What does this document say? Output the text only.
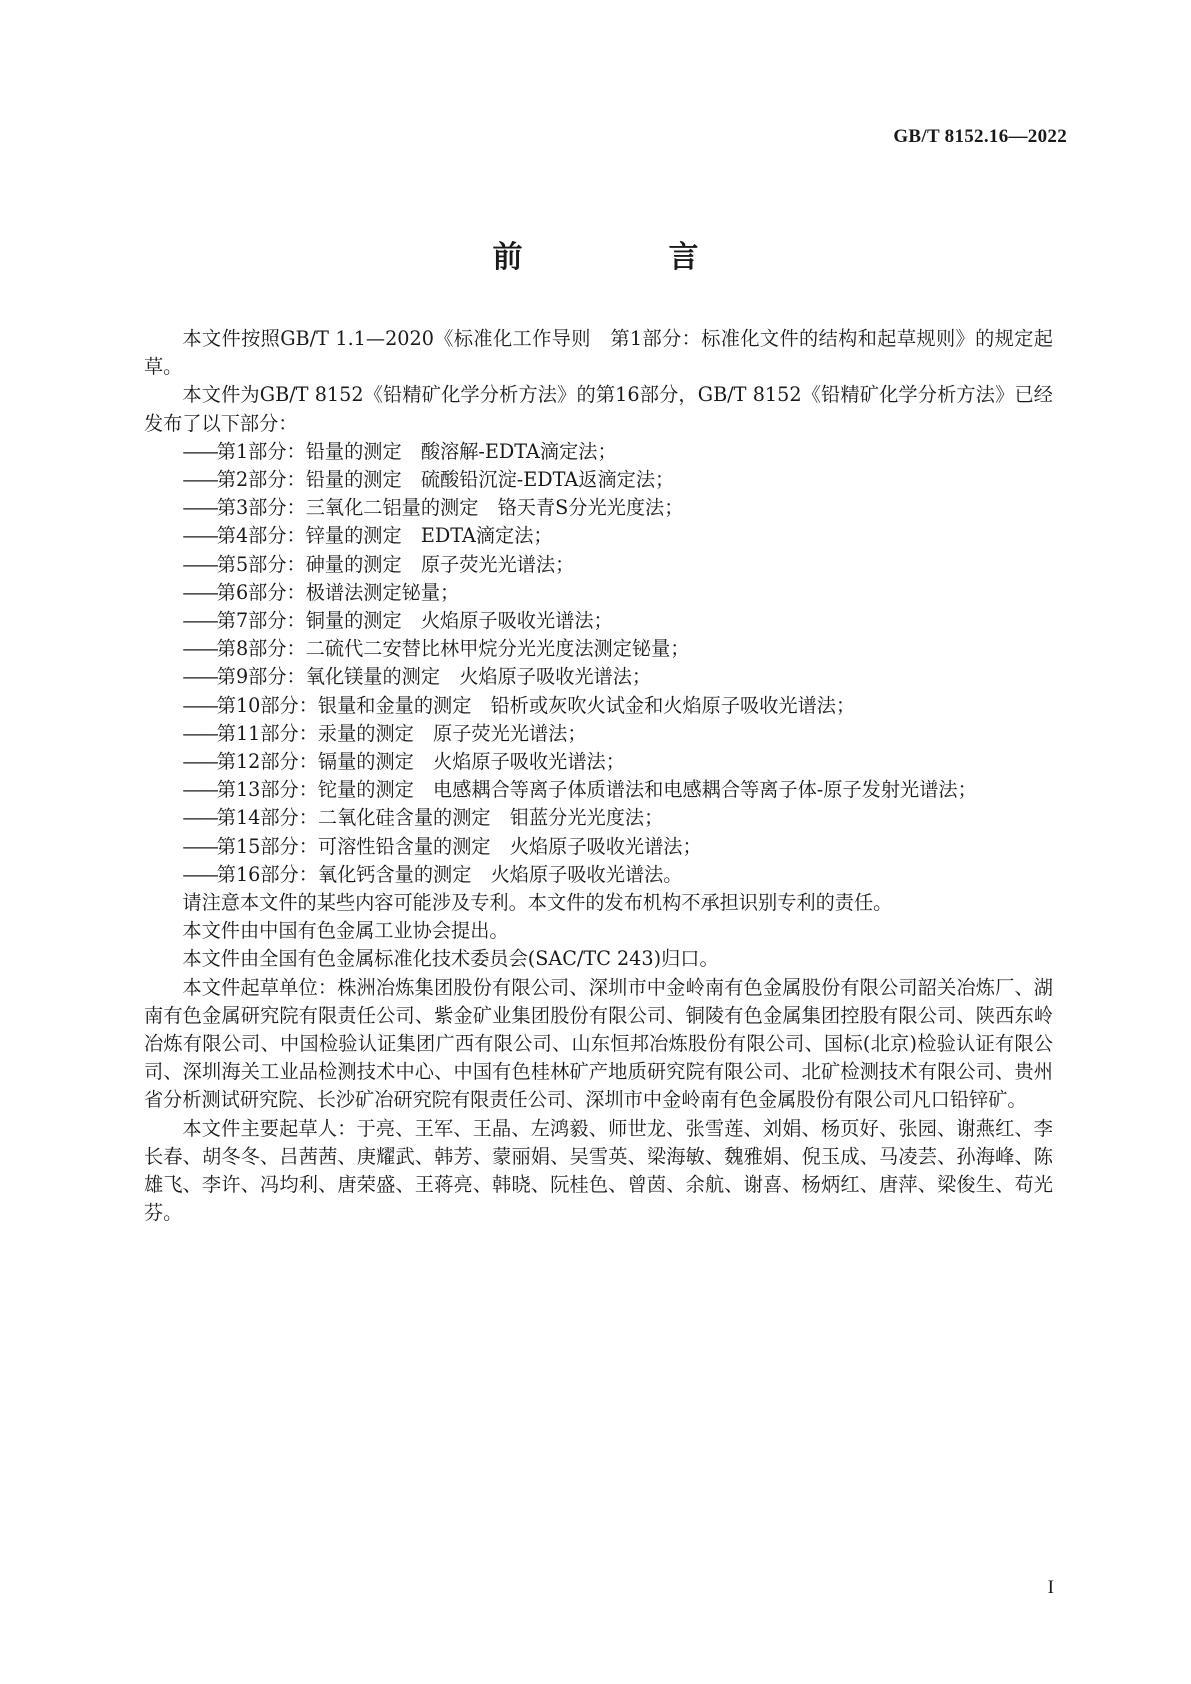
GB/T 8152.16—2022
前　言

本文件按照GB/T 1.1—2020《标准化工作导则　第1部分：标准化文件的结构和起草规则》的规定起草。

本文件为GB/T 8152《铅精矿化学分析方法》的第16部分，GB/T 8152《铅精矿化学分析方法》已经发布了以下部分：

——第1部分：铅量的测定　酸溶解-EDTA滴定法；
——第2部分：铅量的测定　硫酸铅沉淀-EDTA返滴定法；
——第3部分：三氧化二铝量的测定　铬天青S分光光度法；
——第4部分：锌量的测定　EDTA滴定法；
——第5部分：砷量的测定　原子荧光光谱法；
——第6部分：极谱法测定铋量；
——第7部分：铜量的测定　火焰原子吸收光谱法；
——第8部分：二硫代二安替比林甲烷分光光度法测定铋量；
——第9部分：氧化镁量的测定　火焰原子吸收光谱法；
——第10部分：银量和金量的测定　铅析或灰吹火试金和火焰原子吸收光谱法；
——第11部分：汞量的测定　原子荧光光谱法；
——第12部分：镉量的测定　火焰原子吸收光谱法；
——第13部分：铊量的测定　电感耦合等离子体质谱法和电感耦合等离子体-原子发射光谱法；
——第14部分：二氧化硅含量的测定　钼蓝分光光度法；
——第15部分：可溶性铅含量的测定　火焰原子吸收光谱法；
——第16部分：氧化钙含量的测定　火焰原子吸收光谱法。

请注意本文件的某些内容可能涉及专利。本文件的发布机构不承担识别专利的责任。

本文件由中国有色金属工业协会提出。

本文件由全国有色金属标准化技术委员会(SAC/TC 243)归口。

本文件起草单位：株洲冶炼集团股份有限公司、深圳市中金岭南有色金属股份有限公司韶关冶炼厂、湖南有色金属研究院有限责任公司、紫金矿业集团股份有限公司、铜陵有色金属集团控股有限公司、陕西东岭冶炼有限公司、中国检验认证集团广西有限公司、山东恒邦冶炼股份有限公司、国标(北京)检验认证有限公司、深圳海关工业品检测技术中心、中国有色桂林矿产地质研究院有限公司、北矿检测技术有限公司、贵州省分析测试研究院、长沙矿冶研究院有限责任公司、深圳市中金岭南有色金属股份有限公司凡口铅锌矿。

本文件主要起草人：于亮、王军、王晶、左鸿毅、师世龙、张雪莲、刘娟、杨页好、张园、谢燕红、李长春、胡冬冬、吕茜茜、庚耀武、韩芳、蒙丽娟、吴雪英、梁海敏、魏雅娟、倪玉成、马凌芸、孙海峰、陈雄飞、李许、冯均利、唐荣盛、王蒋亮、韩晓、阮桂色、曾茵、余航、谢喜、杨炳红、唐萍、梁俊生、苟光芬。

I
